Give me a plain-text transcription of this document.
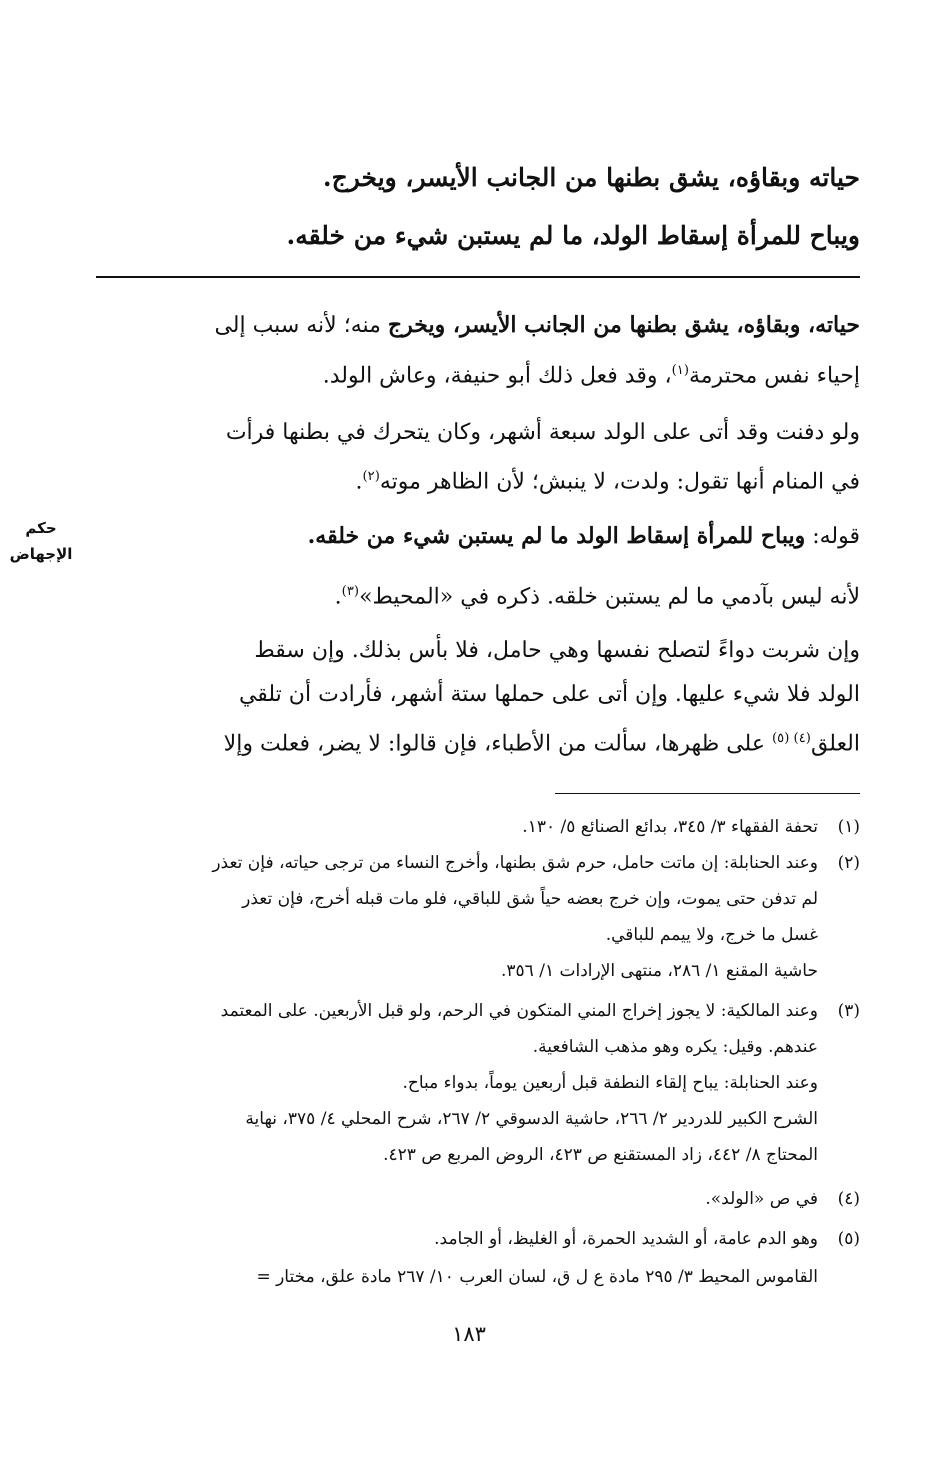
حياته وبقاؤه، يشق بطنها من الجانب الأيسر، ويخرج.
ويباح للمرأة إسقاط الولد، ما لم يستبن شيء من خلقه.
حياته، وبقاؤه، يشق بطنها من الجانب الأيسر، ويخرج منه؛ لأنه سبب إلى
إحياء نفس محترمة$^{(١)}$، وقد فعل ذلك أبو حنيفة، وعاش الولد.
ولو دفنت وقد أتى على الولد سبعة أشهر، وكان يتحرك في بطنها فرأت
في المنام أنها تقول: ولدت، لا ينبش؛ لأن الظاهر موته$^{(٢)}$.
قوله: ويباح للمرأة إسقاط الولد ما لم يستبن شيء من خلقه.
لأنه ليس بآدمي ما لم يستبن خلقه. ذكره في «المحيط»$^{(٣)}$.
وإن شربت دواءً لتصلح نفسها وهي حامل، فلا بأس بذلك. وإن سقط
الولد فلا شيء عليها. وإن أتى على حملها ستة أشهر، فأرادت أن تلقي
العلق$^{(٤) (٥)}$ على ظهرها، سألت من الأطباء، فإن قالوا: لا يضر، فعلت وإلا
حكم
الإجهاض
(١)تحفة الفقهاء ٣/ ٣٤٥، بدائع الصنائع ٥/ ١٣٠.
(٢)وعند الحنابلة: إن ماتت حامل، حرم شق بطنها، وأخرج النساء من ترجى حياته، فإن تعذر
لم تدفن حتى يموت، وإن خرج بعضه حياً شق للباقي، فلو مات قبله أخرج، فإن تعذر
غسل ما خرج، ولا ييمم للباقي.
حاشية المقنع ١/ ٢٨٦، منتهى الإرادات ١/ ٣٥٦.
(٣)وعند المالكية: لا يجوز إخراج المني المتكون في الرحم، ولو قبل الأربعين. على المعتمد
عندهم. وقيل: يكره وهو مذهب الشافعية.
وعند الحنابلة: يباح إلقاء النطفة قبل أربعين يوماً، بدواء مباح.
الشرح الكبير للدردير ٢/ ٢٦٦، حاشية الدسوقي ٢/ ٢٦٧، شرح المحلي ٤/ ٣٧٥، نهاية
المحتاج ٨/ ٤٤٢، زاد المستقنع ص ٤٢٣، الروض المربع ص ٤٢٣.
(٤)في ص «الولد».
(٥)وهو الدم عامة، أو الشديد الحمرة، أو الغليظ، أو الجامد.
القاموس المحيط ٣/ ٢٩٥ مادة ع ل ق، لسان العرب ١٠/ ٢٦٧ مادة علق، مختار =
١٨٣
